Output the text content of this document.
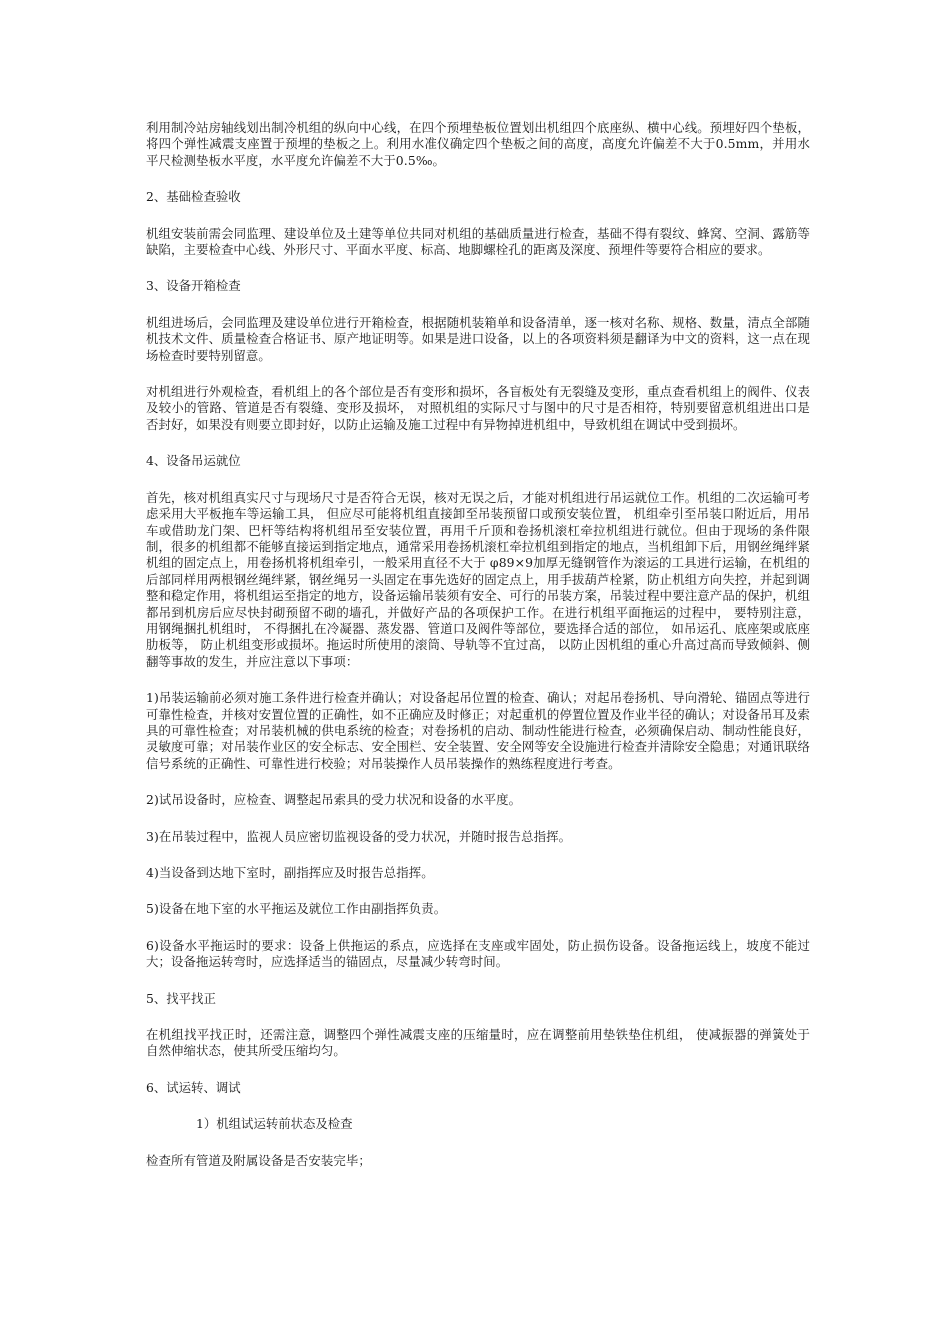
利用制冷站房轴线划出制冷机组的纵向中心线，在四个预埋垫板位置划出机组四个底座纵、横中心线。预埋好四个垫板，将四个弹性减震支座置于预埋的垫板之上。利用水准仪确定四个垫板之间的高度，高度允许偏差不大于0.5mm，并用水平尺检测垫板水平度，水平度允许偏差不大于0.5‰。

2、基础检查验收

机组安装前需会同监理、建设单位及土建等单位共同对机组的基础质量进行检查，基础不得有裂纹、蜂窝、空洞、露筋等缺陷，主要检查中心线、外形尺寸、平面水平度、标高、地脚螺栓孔的距离及深度、预埋件等要符合相应的要求。

3、设备开箱检查

机组进场后，会同监理及建设单位进行开箱检查，根据随机装箱单和设备清单，逐一核对名称、规格、数量，清点全部随机技术文件、质量检查合格证书、原产地证明等。如果是进口设备，以上的各项资料须是翻译为中文的资料，这一点在现场检查时要特别留意。

对机组进行外观检查，看机组上的各个部位是否有变形和损坏，各盲板处有无裂缝及变形，重点查看机组上的阀件、仪表及较小的管路、管道是否有裂缝、变形及损坏， 对照机组的实际尺寸与图中的尺寸是否相符，特别要留意机组进出口是否封好，如果没有则要立即封好，以防止运输及施工过程中有异物掉进机组中，导致机组在调试中受到损坏。

4、设备吊运就位

首先，核对机组真实尺寸与现场尺寸是否符合无误，核对无误之后，才能对机组进行吊运就位工作。机组的二次运输可考虑采用大平板拖车等运输工具， 但应尽可能将机组直接卸至吊装预留口或预安装位置， 机组牵引至吊装口附近后，用吊车或借助龙门架、巴杆等结构将机组吊至安装位置，再用千斤顶和卷扬机滚杠牵拉机组进行就位。但由于现场的条件限制，很多的机组都不能够直接运到指定地点，通常采用卷扬机滚杠牵拉机组到指定的地点，当机组卸下后，用钢丝绳绊紧机组的固定点上，用卷扬机将机组牵引，一般采用直径不大于 φ89×9加厚无缝钢管作为滚运的工具进行运输，在机组的后部同样用两根钢丝绳绊紧，钢丝绳另一头固定在事先选好的固定点上，用手拔葫芦栓紧，防止机组方向失控，并起到调整和稳定作用，将机组运至指定的地方，设备运输吊装须有安全、可行的吊装方案，吊装过程中要注意产品的保护，机组都吊到机房后应尽快封砌预留不砌的墙孔，并做好产品的各项保护工作。在进行机组平面拖运的过程中， 要特别注意， 用钢绳捆扎机组时， 不得捆扎在冷凝器、蒸发器、管道口及阀件等部位，要选择合适的部位， 如吊运孔、底座架或底座肋板等， 防止机组变形或损坏。拖运时所使用的滚筒、导轨等不宜过高， 以防止因机组的重心升高过高而导致倾斜、侧翻等事故的发生，并应注意以下事项：

1)吊装运输前必须对施工条件进行检查并确认；对设备起吊位置的检查、确认；对起吊卷扬机、导向滑轮、锚固点等进行可靠性检查，并核对安置位置的正确性，如不正确应及时修正；对起重机的停置位置及作业半径的确认；对设备吊耳及索具的可靠性检查；对吊装机械的供电系统的检查；对卷扬机的启动、制动性能进行检查，必须确保启动、制动性能良好，灵敏度可靠；对吊装作业区的安全标志、安全围栏、安全装置、安全网等安全设施进行检查并清除安全隐患；对通讯联络信号系统的正确性、可靠性进行校验；对吊装操作人员吊装操作的熟练程度进行考查。

2)试吊设备时，应检查、调整起吊索具的受力状况和设备的水平度。

3)在吊装过程中，监视人员应密切监视设备的受力状况，并随时报告总指挥。

4)当设备到达地下室时，副指挥应及时报告总指挥。

5)设备在地下室的水平拖运及就位工作由副指挥负责。

6)设备水平拖运时的要求：设备上供拖运的系点，应选择在支座或牢固处，防止损伤设备。设备拖运线上，坡度不能过大；设备拖运转弯时，应选择适当的锚固点，尽量减少转弯时间。

5、找平找正

在机组找平找正时，还需注意，调整四个弹性减震支座的压缩量时，应在调整前用垫铁垫住机组， 使减振器的弹簧处于自然伸缩状态，使其所受压缩均匀。

6、试运转、调试

1）机组试运转前状态及检查

检查所有管道及附属设备是否安装完毕；
